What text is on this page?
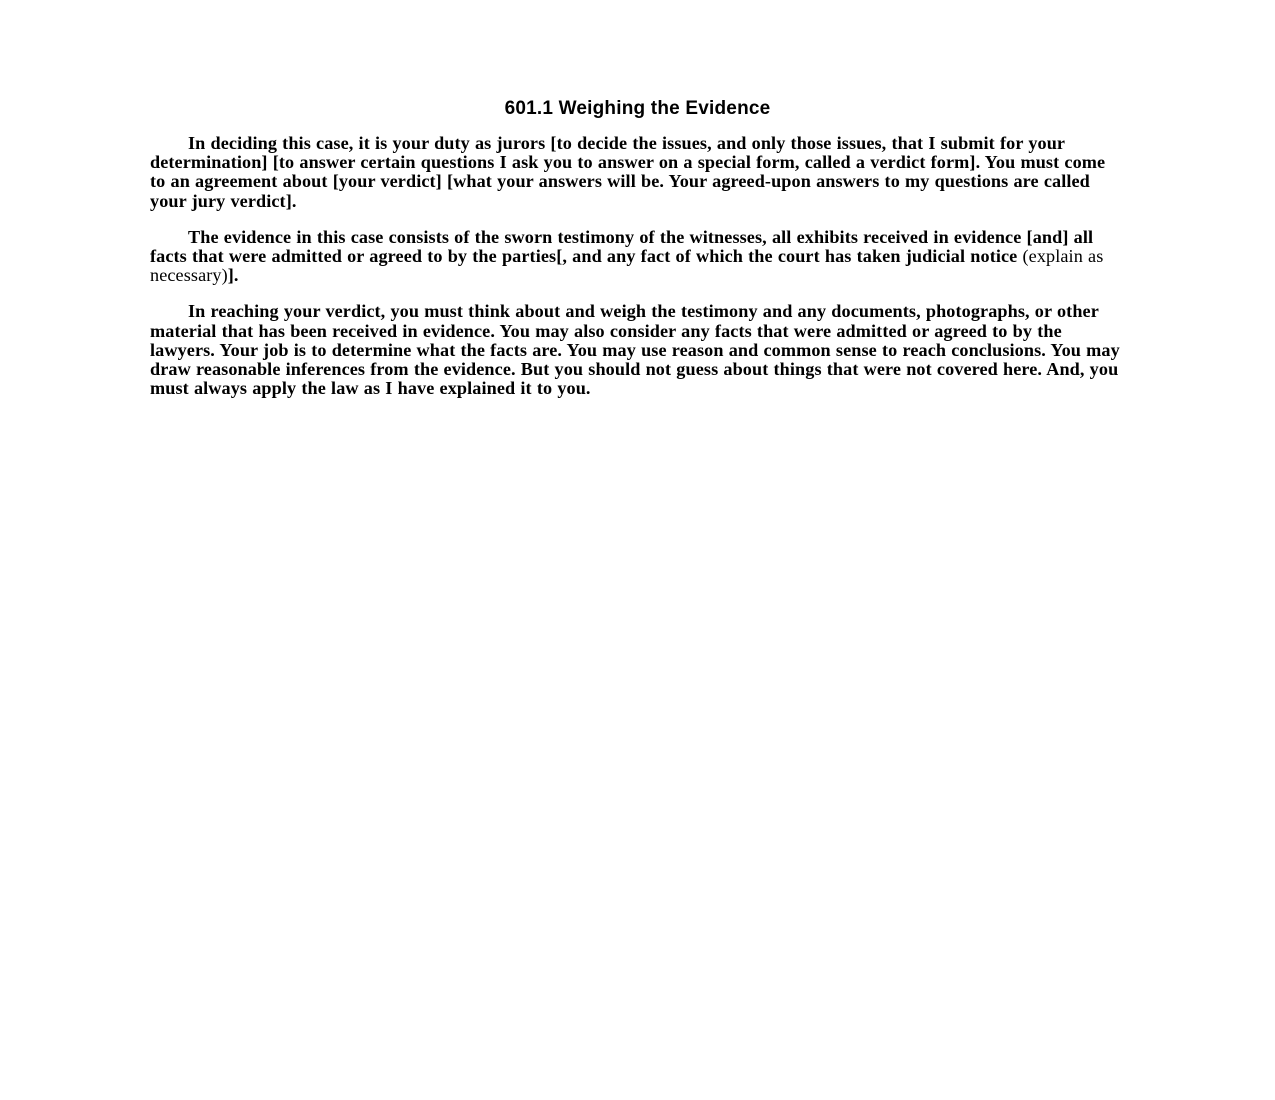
601.1 Weighing the Evidence

In deciding this case, it is your duty as jurors [to decide the issues, and only those issues, that I submit for your determination] [to answer certain questions I ask you to answer on a special form, called a verdict form]. You must come to an agreement about [your verdict] [what your answers will be. Your agreed-upon answers to my questions are called your jury verdict].

The evidence in this case consists of the sworn testimony of the witnesses, all exhibits received in evidence [and] all facts that were admitted or agreed to by the parties[, and any fact of which the court has taken judicial notice (explain as necessary)].

In reaching your verdict, you must think about and weigh the testimony and any documents, photographs, or other material that has been received in evidence. You may also consider any facts that were admitted or agreed to by the lawyers. Your job is to determine what the facts are. You may use reason and common sense to reach conclusions. You may draw reasonable inferences from the evidence. But you should not guess about things that were not covered here. And, you must always apply the law as I have explained it to you.
